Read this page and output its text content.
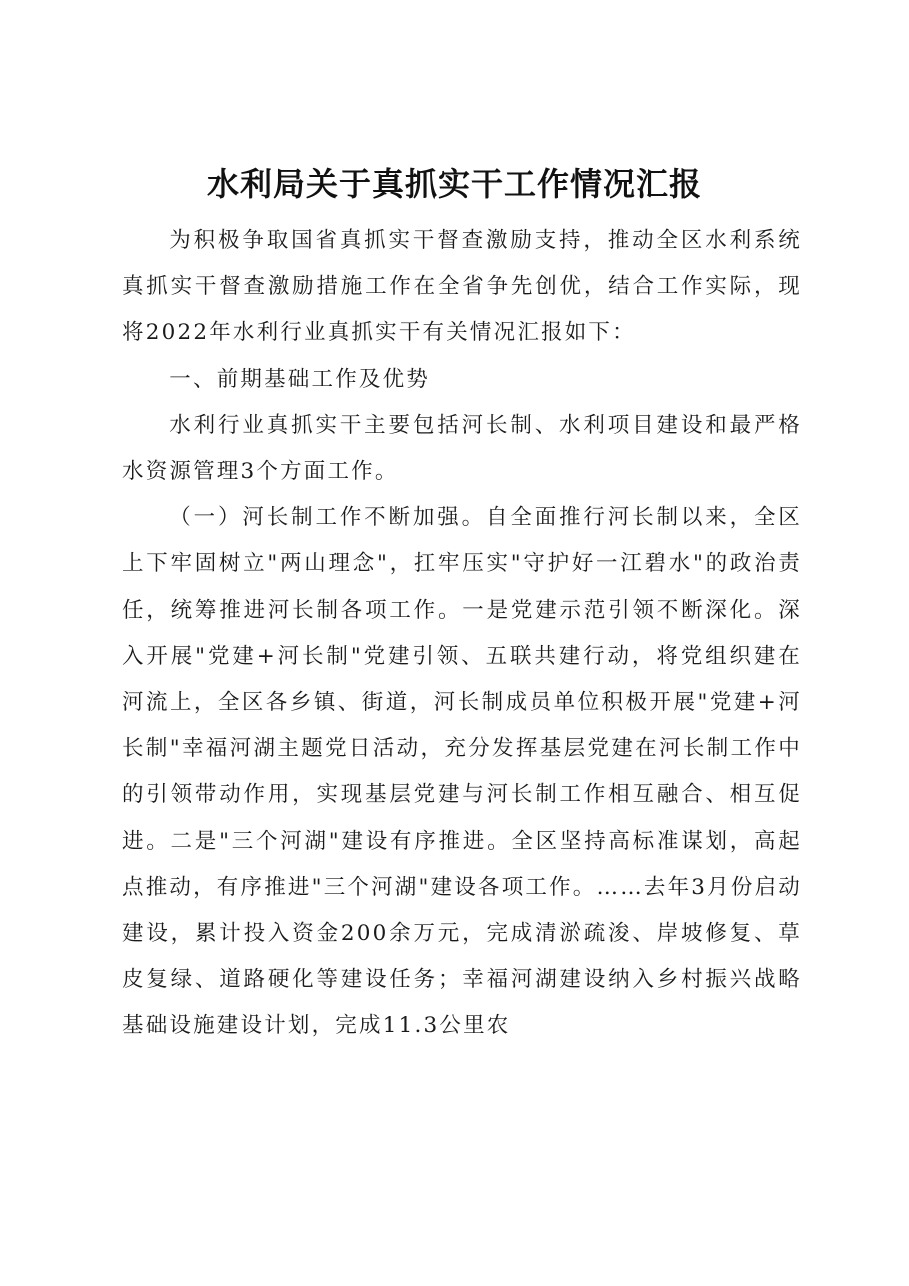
水利局关于真抓实干工作情况汇报

为积极争取国省真抓实干督查激励支持，推动全区水利系统真抓实干督查激励措施工作在全省争先创优，结合工作实际，现将2022年水利行业真抓实干有关情况汇报如下：

一、前期基础工作及优势

水利行业真抓实干主要包括河长制、水利项目建设和最严格水资源管理3个方面工作。

（一）河长制工作不断加强。自全面推行河长制以来，全区上下牢固树立"两山理念"，扛牢压实"守护好一江碧水"的政治责任，统筹推进河长制各项工作。一是党建示范引领不断深化。深入开展"党建+河长制"党建引领、五联共建行动，将党组织建在河流上，全区各乡镇、街道，河长制成员单位积极开展"党建+河长制"幸福河湖主题党日活动，充分发挥基层党建在河长制工作中的引领带动作用，实现基层党建与河长制工作相互融合、相互促进。二是"三个河湖"建设有序推进。全区坚持高标准谋划，高起点推动，有序推进"三个河湖"建设各项工作。……去年3月份启动建设，累计投入资金200余万元，完成清淤疏浚、岸坡修复、草皮复绿、道路硬化等建设任务；幸福河湖建设纳入乡村振兴战略基础设施建设计划，完成11.3公里农
